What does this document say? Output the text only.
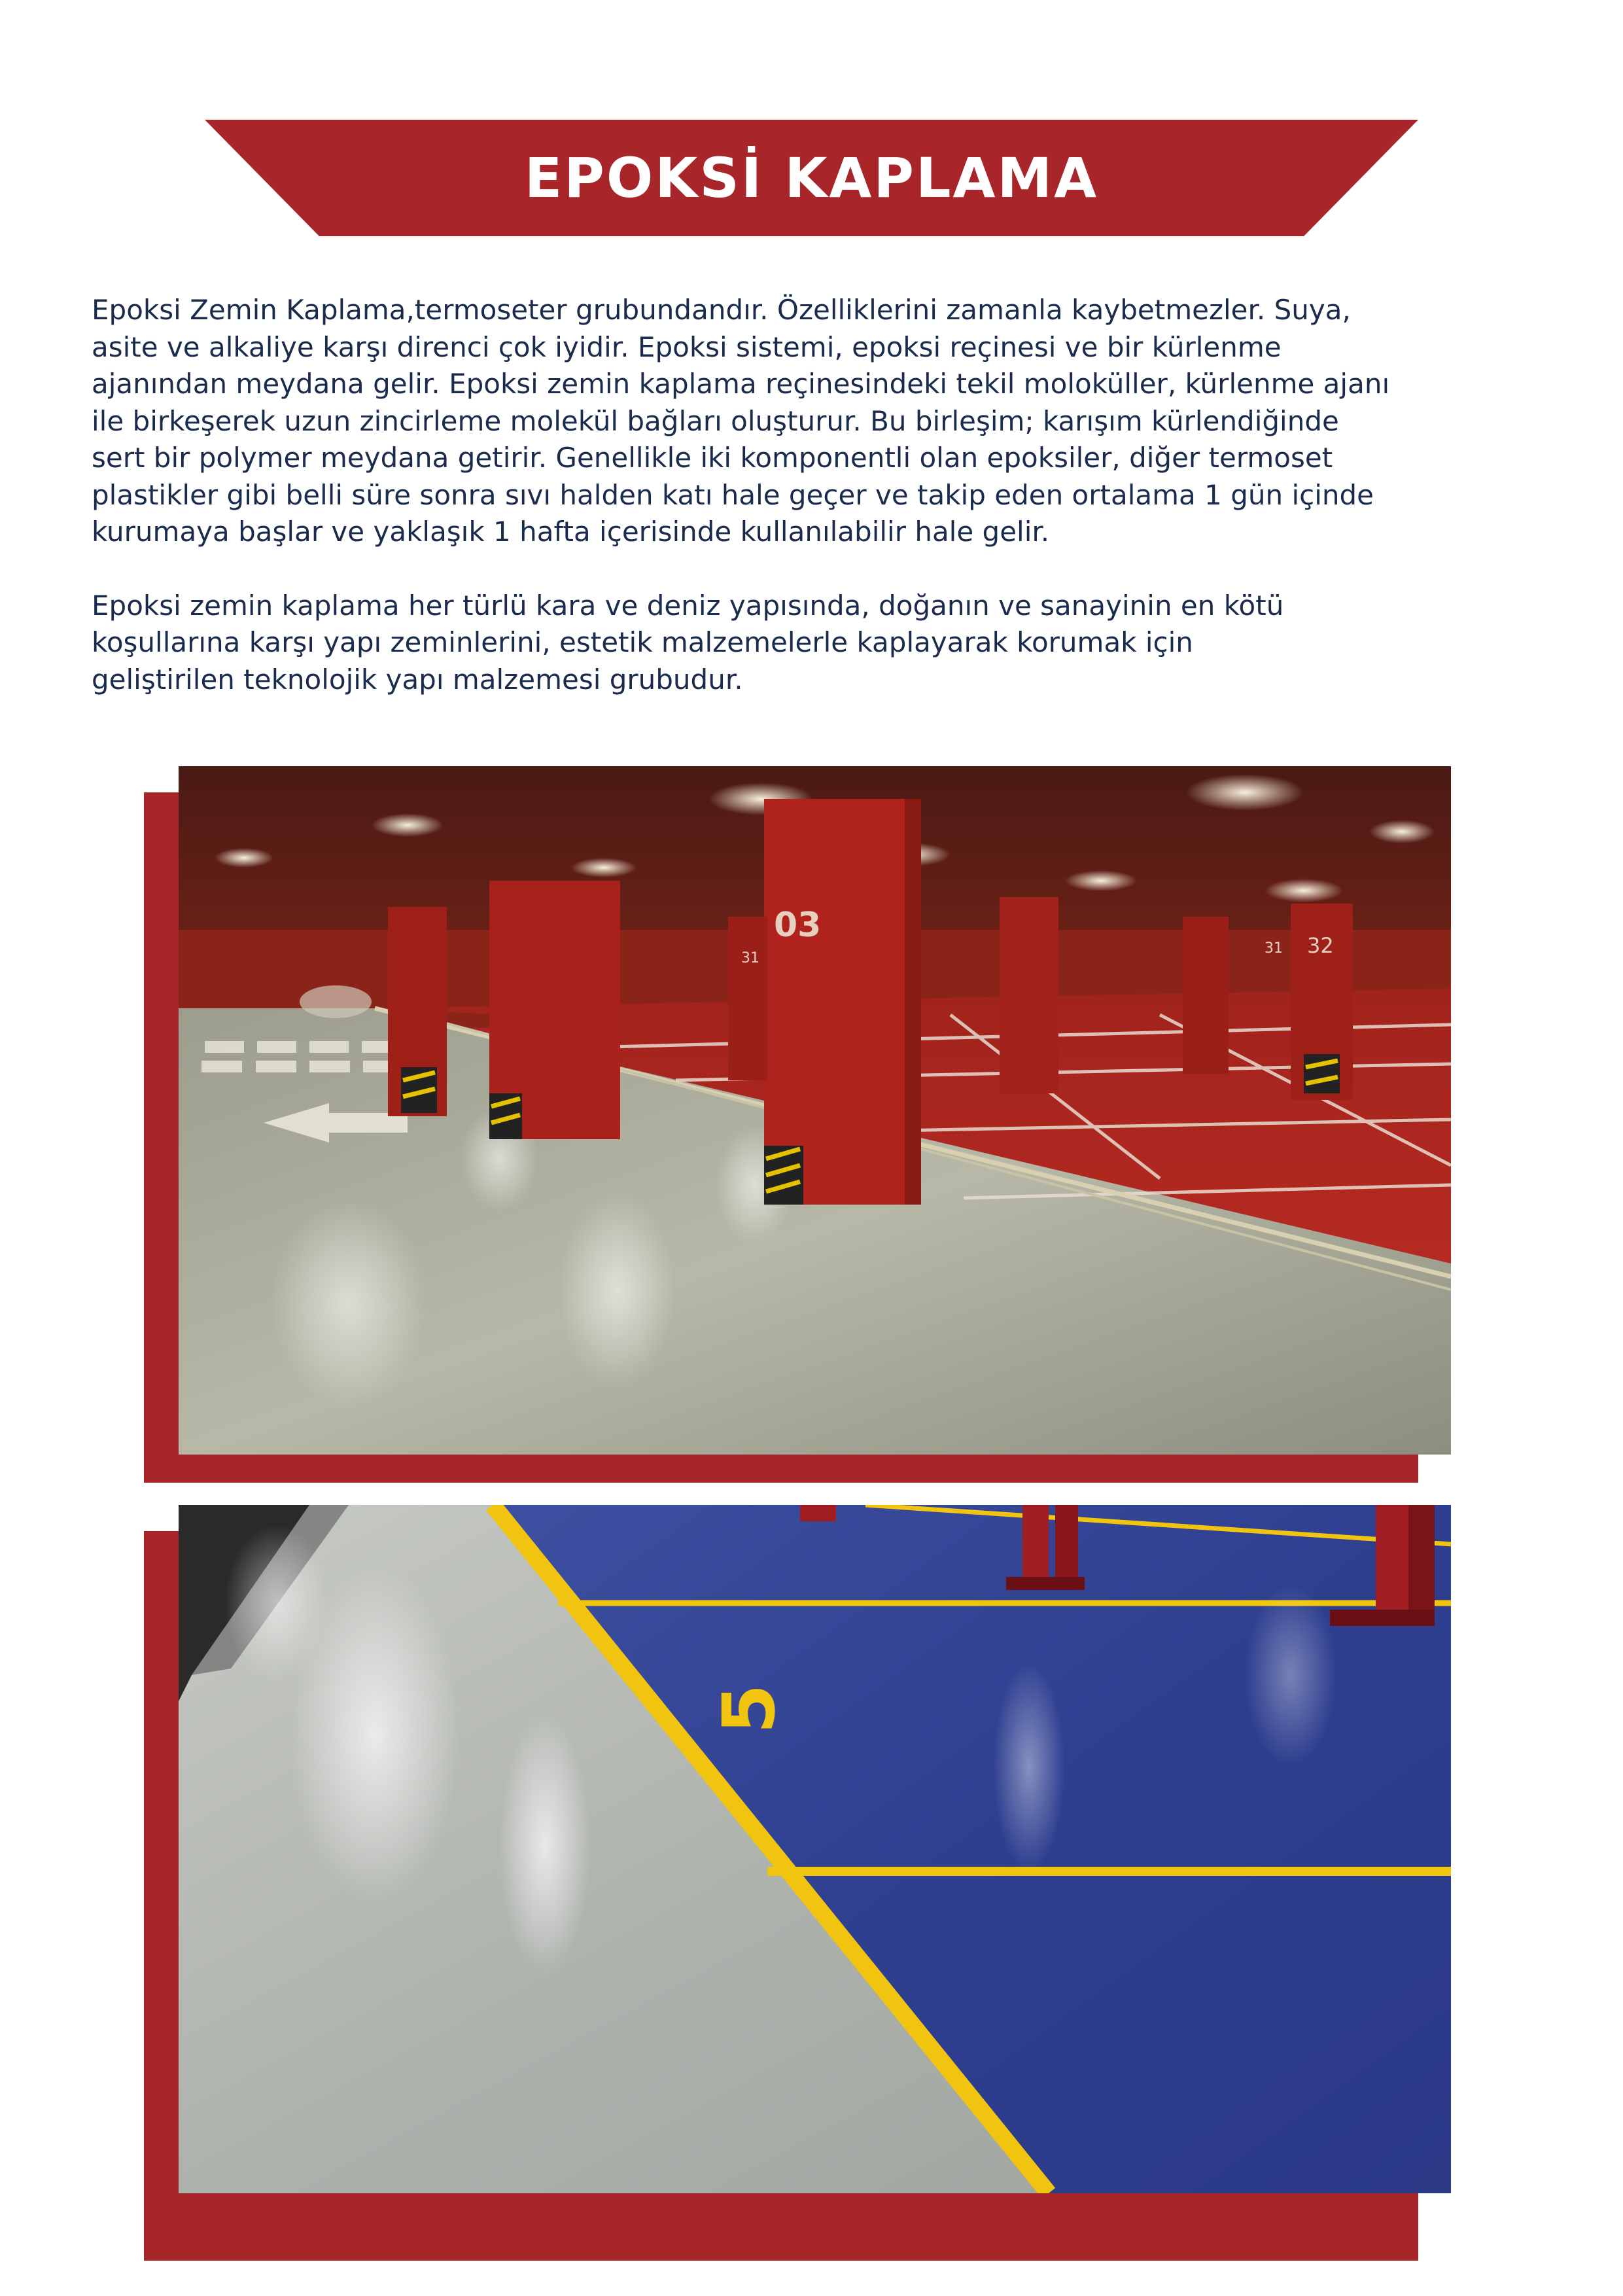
EPOKSİ KAPLAMA

Epoksi Zemin Kaplama,termoseter grubundandır. Özelliklerini zamanla kaybetmezler. Suya,
asite ve alkaliye karşı direnci çok iyidir. Epoksi sistemi, epoksi reçinesi ve bir kürlenme
ajanından meydana gelir. Epoksi zemin kaplama reçinesindeki tekil moloküller, kürlenme ajanı
ile birkeşerek uzun zincirleme molekül bağları oluşturur. Bu birleşim; karışım kürlendiğinde
sert bir polymer meydana getirir. Genellikle iki komponentli olan epoksiler, diğer termoset
plastikler gibi belli süre sonra sıvı halden katı hale geçer ve takip eden ortalama 1 gün içinde
kurumaya başlar ve yaklaşık 1 hafta içerisinde kullanılabilir hale gelir.

Epoksi zemin kaplama her türlü kara ve deniz yapısında, doğanın ve sanayinin en kötü
koşullarına karşı yapı zeminlerini, estetik malzemelerle kaplayarak korumak için
geliştirilen teknolojik yapı malzemesi grubudur.

03
31
31 32
5
